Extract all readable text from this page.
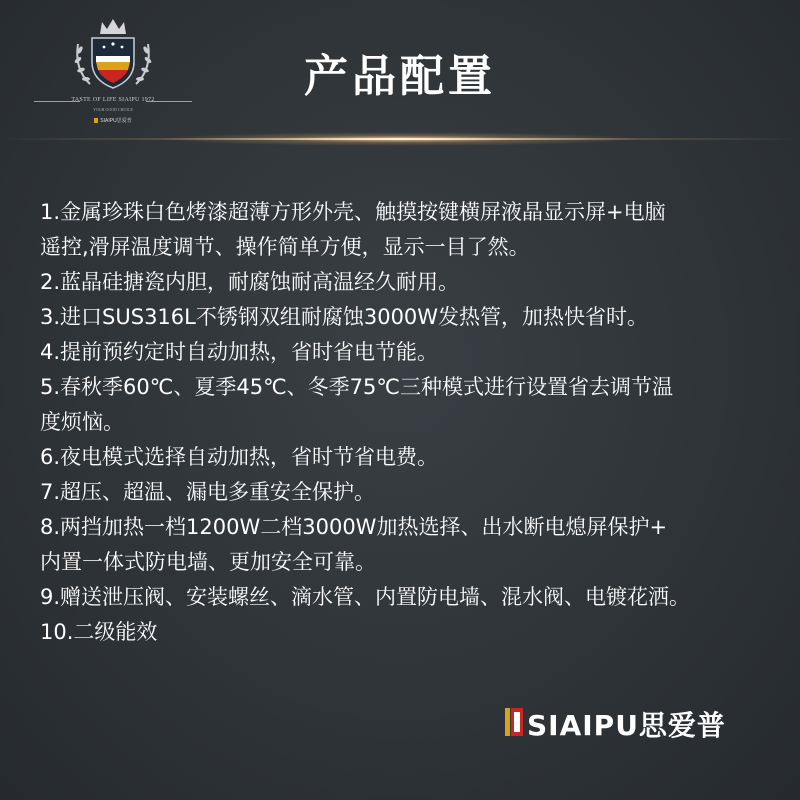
TASTE OF LIFE SIAIPU 1972
YOUR GOOD CHOICE
SIAIPU思爱普
产品配置
1.金属珍珠白色烤漆超薄方形外壳、触摸按键横屏液晶显示屏+电脑
遥控,滑屏温度调节、操作简单方便，显示一目了然。
2.蓝晶硅搪瓷内胆，耐腐蚀耐高温经久耐用。
3.进口SUS316L不锈钢双组耐腐蚀3000W发热管，加热快省时。
4.提前预约定时自动加热，省时省电节能。
5.春秋季60℃、夏季45℃、冬季75℃三种模式进行设置省去调节温
度烦恼。
6.夜电模式选择自动加热，省时节省电费。
7.超压、超温、漏电多重安全保护。
8.两挡加热一档1200W二档3000W加热选择、出水断电熄屏保护+
内置一体式防电墙、更加安全可靠。
9.赠送泄压阀、安装螺丝、滴水管、内置防电墙、混水阀、电镀花洒。
10.二级能效
SIAIPU思爱普
